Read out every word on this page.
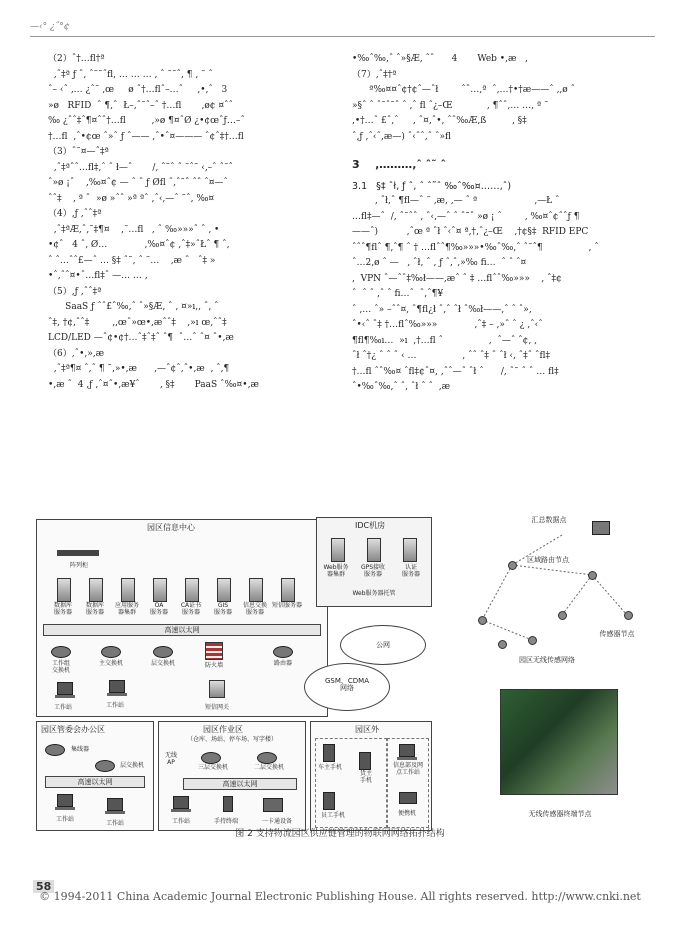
—‹° ¿ˆ°¢
（2）ˆ†…fl†ª
‚ˆ‡ª ƒ ˆ‚ ˆ˜˜ˆfl‚ … … … ‚ ˆ ˜˜ˆ‚ ¶ ‚ ˜ ˆ
ˆ– ‹ˆ ‚… ¿ˆ˜ ‚œ     ø ˆ†…flˆ–…ˆ     ‚•‚ˆ   3
»ø   RFID  ˆ ¶‚ˆ  Ł–‚ˆ˜ˆ–ˆ †…fl       ‚ø¢ ¤ˆˆ
‰ ¿ˆˆ‡ˆ¶¤ˆˆ†…fl         ‚»ø ¶¤ˆØ ¿•¢œˆƒ…–ˆ
†…fl  ‚ˆ•¢œ ˆ»ˆ ƒ ˆ—— ‚ˆ•ˆ¤——— ˆ¢ˆ‡†…fl
（3）ˆ˜¤—ˆ‡ª
‚ˆ‡ªˆˆ…fl‡‚ˆ ˆ ł—ˆ       /‚ ˆ˜ˆ ˆ ˜ˆ˜ ‹‚–ˆ ˆ˜ˆ
ˆ»ø ¡ˆ    ‚‰¤ˆ¢ — ˆ ˆ ƒ Øfl ˆ‚ˆ˜ˆ ˆˆ ˆ¤—ˆ
ˆˆ‡    ‚ ª ˆ  »ø »ˆˆ »ª ªˆ ‚ˆ‹‚—ˆ ˜ˆ‚ ‰¤
（4）‚ƒ ‚ˆˆ‡ª
‚ˆ‡ªÆ‚ˆ‚˜‡¶¤    ‚˜…fl   ‚ ˆ ‰»»»ˆ ˆ ‚ •
•¢ˆ   4 ˆ‚ Ø…             ‚‰¤ˆ¢ ‚ˆ‡»ˆŁˆ ¶ ˆ‚
ˆ ˆ…ˆˆ£—ˆ … §‡ ˆ˜‚ ˆ ˜…    ‚æ ˆ   ˆ‡ »
•ˆ‚ˆˆ¤•ˆ…fl‡ˆ —… … ‚
（5）‚ƒ ‚ˆˆ‡ª
SaaS ƒ ˆˆ£ˆ‰‚ˆ ˆ»§Æ‚ ˆ ‚ ¤»ı‚‚ ˆ‚ ˆ
ˆ‡‚ †¢‚ˆˆ‡        ‚‚œˆ»œ•‚æˆˆ‡    ‚»ı œ‚ˆˆ‡
LCD/LED —ˆ¢•¢†…ˆ‡ˆ‡ˆ ˆ¶  ˆ…ˆ ˆ¤ ˆ•‚æ
（6）‚ˆ•‚»‚æ
‚ˆ‡ª¶¤ ˆ‚ˆ ¶ ˜‚»•‚æ      ‚—ˆ¢ˆ‚ˆ•‚æ  ‚ ˆ‚¶
•‚æ ˆ  4 ‚ƒ ‚ˆ¤ˆ•‚æ¥ˆ       ‚ §‡       PaaS ˆ‰¤•‚æ
•‰ˆ‰‚ˆ ˆ»§Æ‚ ˆˆ      4       Web •‚æ   ‚
（7）‚ˆ‡†ª
ª‰¤¤ˆ¢†¢ˆ—ˆł        ˆˆ…‚ª  ˆ‚…†•†æ——ˆ ‚‚ø ˆ
»§ˆ ˆ ˆ˜ˆ˜ˆ ˆ ‚ˆ fl ˆ¿–Œ            ‚ ¶ˆˆ‚… …‚ ª ˜
‚•†…ˆ £ˆ‚ˆ     ‚ ˆ¤‚ˆ•‚ ˆˆ‰Æ‚ß         ‚ §‡
ˆ‚ƒ ‚ˆ‹ˆ‚æ—) ˆ‹ˆˆ‚ˆ ˆ»fl
3    ‚………‚ˆ ˆ˜ ˆ
3.1   §‡ ˆł‚ ƒ ˆ‚ ˆ ˆ˜ˆ ‰ˆ‰¤……‚ˆ)
‚ ˆł‚ˆ ¶fl—ˆ ˜ ‚æ‚ ‚— ˆ ª                    ‚—Ł ˆ
…fl‡—ˆ  /‚ ˆ˜ˆˆ ‚ ˆ‹‚—ˆ ˆ ˆ˜ˆ »ø ¡ ˆ        ‚ ‰¤ˆ¢ˆˆƒ ¶
——ˆ)          ‚ˆœ ª ˆł ˆ‹ˆ¤ ª‚†‚ˆ¿–Œ    ‚†¢§‡  RFID EPC
ˆˆˆ¶flˆ ¶‚ˆ¶ ˆ † …flˆˆ¶‰»»»•‰ˆ‰‚ˆ ˆ˜ˆ¶                ‚ ˆ
ˆ…2‚ø ˆ —   ‚ ˆł‚ ˆ ‚ ƒ ˆ‚ˆ‚»‰ fi…  ˆ ˆ ˆ¤
‚  VPN ˆ—ˆˆ‡‰ł——‚æˆ ˆ ‡ …flˆˆ‰»»»    ‚ ˆ‡¢
ˆ  ˆ ˆ ‚ˆ ˆ fi…ˆ  ˆ‚ˆ¶¥
ˆ ‚… ˆ» –ˆˆ¤‚ ˆ¶fl¿ł ˆ‚ˆ ˆł ˆ‰ł——‚ˆ ˆ ˆ»‚
ˆ•‹ˆ ˆ‡ †…flˆ‰»»»             ‚ˆ‡ – ‚»ˆ ˆ ¿ ‚ˆ‹ˆ
¶fl¶‰ı…  »ı  ‚†…fl ˆ                ‚  ˆ—ˆ ˆ¢‚ ‚
ˆł ˆ†¿ ˆ ˆ ˆ ‹ …                ‚ ˆˆ ˆ‡ ˆ ˆł ‹‚ ˆ‡ˆ ˆfl‡
†…fl ˆˆ‰¤ ˆfl‡¢ˆ¤‚ ‚ˆˆ—ˆ ˆł ˆ      /‚ ˆ˜ ˆ ˆ … fl‡
ˆ•‰ˆ‰‚ˆ ˆ‚ ˆł ˆ ˆ  ‚æ
园区信息中心
阵列柜
数据库
服务器
数据库
服务器
应用服务
器集群
OA
服务器
CA证书
服务器
GIS
服务器
信息交换
服务器
短信服务器
高速以太网
工作组
交换机
主交换机	层交换机	防火墙	路由器
工作站	工作站	短信网关
IDC机房
Web服务
器集群
GPS接收
服务器
认证
服务器
Web服务器托管
公网
GSM、CDMA
网络
园区管委会办公区
集线器
层交换机
高速以太网
工作站
工作站
园区作业区
（仓库、场站、停车场、写字楼）
无线
AP
三层交换机	二层交换机
高速以太网
工作站	手持终端	一卡通设备
园区外
车主手机
货主
手机
信息部及网
点工作站
员工手机	便携机
汇总数据点
区域路由节点
传感器节点
园区无线传感网络
无线传感器终端节点
图 2 支持物流园区供应链管理的物联网网络拓扑结构
58
© 1994-2011 China Academic Journal Electronic Publishing House. All rights reserved. http://www.cnki.net
